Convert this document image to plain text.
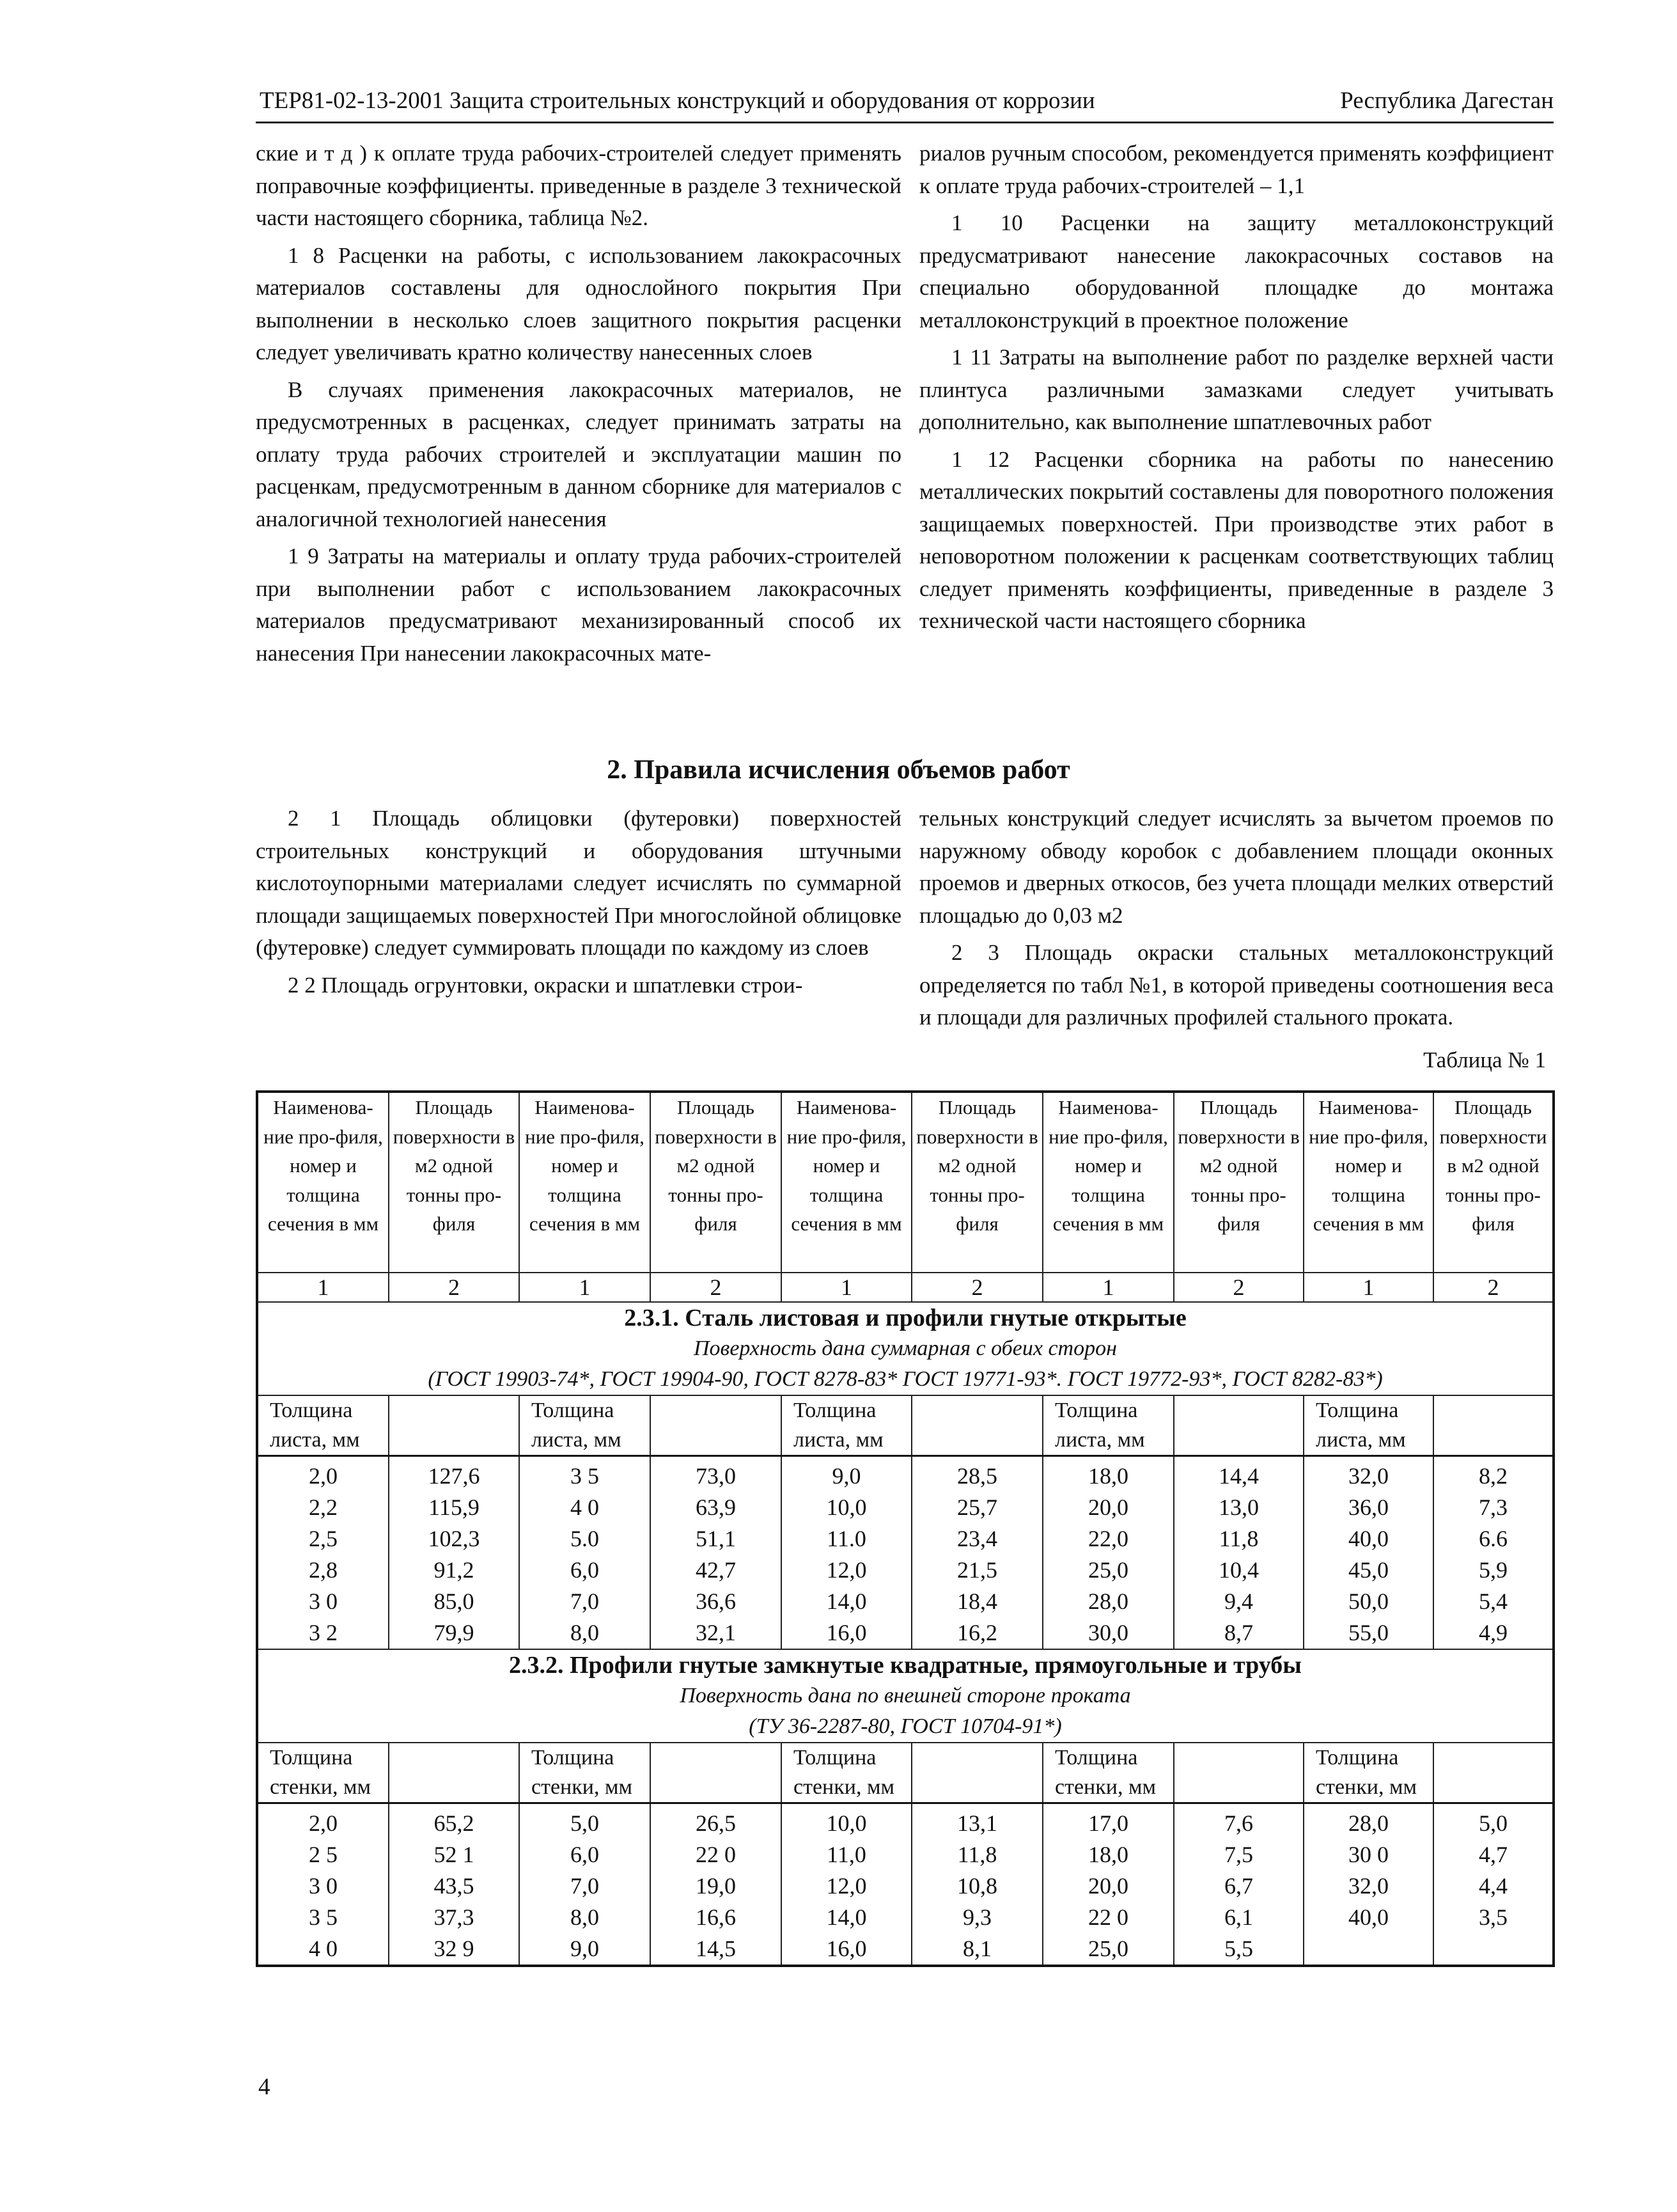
ТЕР81-02-13-2001 Защита строительных конструкций и оборудования от коррозии	Республика Дагестан

ские и т д ) к оплате труда рабочих-строителей следует применять поправочные коэффициенты. приведенные в разделе 3 технической части настоящего сборника, таблица №2.

1 8 Расценки на работы, с использованием лакокрасочных материалов составлены для однослойного покрытия При выполнении в несколько слоев защитного покрытия расценки следует увеличивать кратно количеству нанесенных слоев

В случаях применения лакокрасочных материалов, не предусмотренных в расценках, следует принимать затраты на оплату труда рабочих строителей и эксплуатации машин по расценкам, предусмотренным в данном сборнике для материалов с аналогичной технологией нанесения

1 9 Затраты на материалы и оплату труда рабочих-строителей при выполнении работ с использованием лакокрасочных материалов предусматривают механизированный способ их нанесения При нанесении лакокрасочных мате-

риалов ручным способом, рекомендуется применять коэффициент к оплате труда рабочих-строителей – 1,1

1 10 Расценки на защиту металлоконструкций предусматривают нанесение лакокрасочных составов на специально оборудованной площадке до монтажа металлоконструкций в проектное положение

1 11 Затраты на выполнение работ по разделке верхней части плинтуса различными замазками следует учитывать дополнительно, как выполнение шпатлевочных работ

1 12 Расценки сборника на работы по нанесению металлических покрытий составлены для поворотного положения защищаемых поверхностей. При производстве этих работ в неповоротном положении к расценкам соответствующих таблиц следует применять коэффициенты, приведенные в разделе 3 технической части настоящего сборника

2. Правила исчисления объемов работ

2 1 Площадь облицовки (футеровки) поверхностей строительных конструкций и оборудования штучными кислотоупорными материалами следует исчислять по суммарной площади защищаемых поверхностей При многослойной облицовке (футеровке) следует суммировать площади по каждому из слоев

2 2 Площадь огрунтовки, окраски и шпатлевки строи-

тельных конструкций следует исчислять за вычетом проемов по наружному обводу коробок с добавлением площади оконных проемов и дверных откосов, без учета площади мелких отверстий площадью до 0,03 м2

2 3 Площадь окраски стальных металлоконструкций определяется по табл №1, в которой приведены соотношения веса и площади для различных профилей стального проката.

Таблица № 1
Наименова-ние про-филя, номер и толщина сечения в мм	Площадь поверхности в м2 одной тонны про-филя	Наименова-ние про-филя, номер и толщина сечения в мм	Площадь поверхности в м2 одной тонны про-филя	Наименова-ние про-филя, номер и толщина сечения в мм	Площадь поверхности в м2 одной тонны про-филя	Наименова-ние про-филя, номер и толщина сечения в мм	Площадь поверхности в м2 одной тонны про-филя	Наименова-ние про-филя, номер и толщина сечения в мм	Площадь поверхности в м2 одной тонны про-филя
1	2	1	2	1	2	1	2	1	2

2.3.1. Сталь листовая и профили гнутые открытые
Поверхность дана суммарная с обеих сторон
(ГОСТ 19903-74*, ГОСТ 19904-90, ГОСТ 8278-83* ГОСТ 19771-93*. ГОСТ 19772-93*, ГОСТ 8282-83*)									

Толщина листа, мм		Толщина листа, мм		Толщина листа, мм		Толщина листа, мм		Толщина листа, мм	
2,0	127,6	3 5	73,0	9,0	28,5	18,0	14,4	32,0	8,2
2,2	115,9	4 0	63,9	10,0	25,7	20,0	13,0	36,0	7,3
2,5	102,3	5.0	51,1	11.0	23,4	22,0	11,8	40,0	6.6
2,8	91,2	6,0	42,7	12,0	21,5	25,0	10,4	45,0	5,9
3 0	85,0	7,0	36,6	14,0	18,4	28,0	9,4	50,0	5,4
3 2	79,9	8,0	32,1	16,0	16,2	30,0	8,7	55,0	4,9

2.3.2. Профили гнутые замкнутые квадратные, прямоугольные и трубы
Поверхность дана по внешней стороне проката
(ТУ 36-2287-80, ГОСТ 10704-91*)									

Толщина стенки, мм		Толщина стенки, мм		Толщина стенки, мм		Толщина стенки, мм		Толщина стенки, мм	
2,0	65,2	5,0	26,5	10,0	13,1	17,0	7,6	28,0	5,0
2 5	52 1	6,0	22 0	11,0	11,8	18,0	7,5	30 0	4,7
3 0	43,5	7,0	19,0	12,0	10,8	20,0	6,7	32,0	4,4
3 5	37,3	8,0	16,6	14,0	9,3	22 0	6,1	40,0	3,5
4 0	32 9	9,0	14,5	16,0	8,1	25,0	5,5		
4
